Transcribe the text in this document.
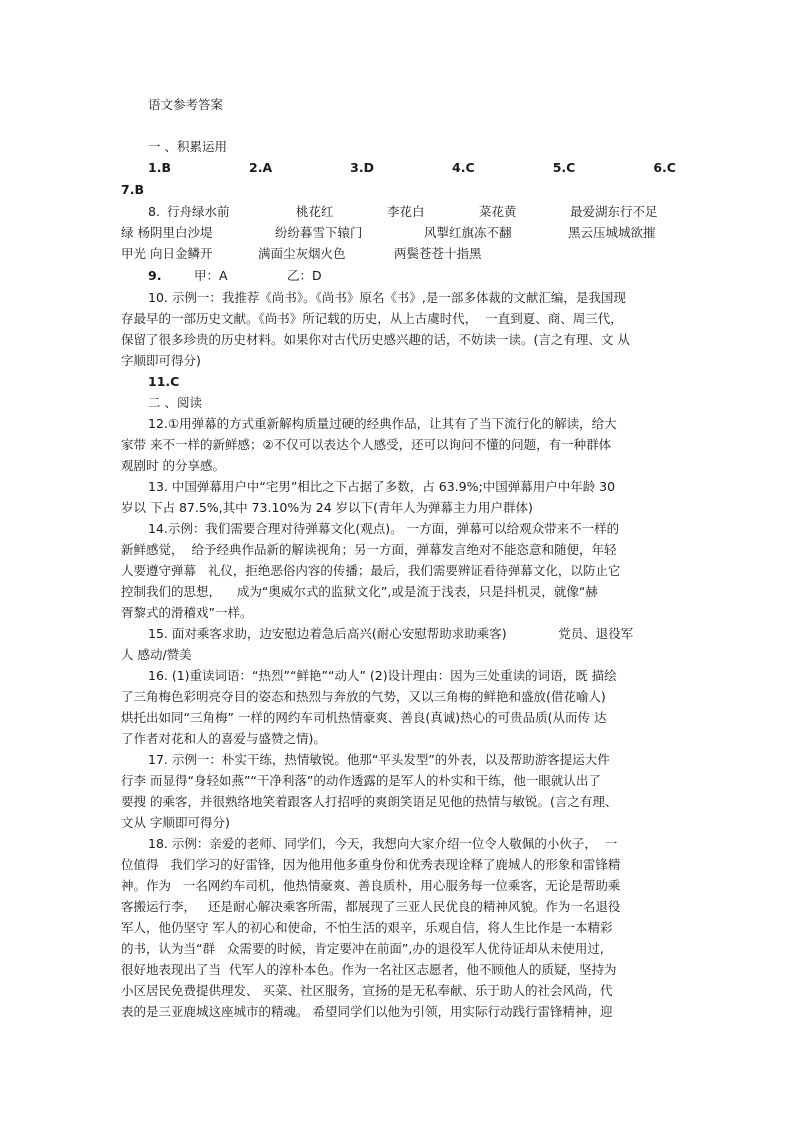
语文参考答案
一 、积累运用
1.B	2.A	3.D	4.C	5.C	6.C
7.B
8. 行舟绿水前	桃花红	李花白	菜花黄	最爱湖东行不足
绿 杨阴里白沙堤	纷纷暮雪下辕门	风掣红旗冻不翻	黑云压城城欲摧
甲光 向日金鳞开	满面尘灰烟火色	两鬓苍苍十指黑
9.	甲：A	乙：D
10. 示例一：我推荐《尚书》。《尚书》原名《书》,是一部多体裁的文献汇编，是我国现
存最早的一部历史文献。《尚书》所记载的历史，从上古虞时代，  一直到夏、商、周三代，
保留了很多珍贵的历史材料。如果你对古代历史感兴趣的话，不妨读一读。(言之有理、文 从
字顺即可得分)
11.C
二 、阅读
12.①用弹幕的方式重新解构质量过硬的经典作品，让其有了当下流行化的解读，给大
家带 来不一样的新鲜感；②不仅可以表达个人感受，还可以询问不懂的问题，有一种群体
观剧时 的分享感。
13. 中国弹幕用户中“宅男”相比之下占据了多数，占 63.9%;中国弹幕用户中年龄 30
岁以 下占 87.5%,其中 73.10%为 24 岁以下(青年人为弹幕主力用户群体)
14.示例：我们需要合理对待弹幕文化(观点)。 一方面，弹幕可以给观众带来不一样的
新鲜感觉，  给予经典作品新的解读视角；另一方面，弹幕发言绝对不能恣意和随便，年轻
人要遵守弹幕   礼仪，拒绝恶俗内容的传播；最后，我们需要辨证看待弹幕文化，以防止它
控制我们的思想，    成为“奥威尔式的监狱文化”,或是流于浅表，只是抖机灵，就像“赫
胥黎式的滑稽戏”一样。
15. 面对乘客求助，边安慰边着急后高兴(耐心安慰帮助求助乘客)             党员、退役军
人 感动/赞美
16. (1)重读词语：“热烈”“鲜艳”“动人” (2)设计理由：因为三处重读的词语，既 描绘
了三角梅色彩明亮夺目的姿态和热烈与奔放的气势，又以三角梅的鲜艳和盛放(借花喻人)
烘托出如同“三角梅” 一样的网约车司机热情豪爽、善良(真诚)热心的可贵品质(从而传 达
了作者对花和人的喜爱与盛赞之情)。
17. 示例一：朴实干练，热情敏锐。他那“平头发型”的外表，以及帮助游客提运大件
行李 而显得“身轻如燕”“干净利落”的动作透露的是军人的朴实和干练，他一眼就认出了
要搜 的乘客，并很熟络地笑着跟客人打招呼的爽朗笑语足见他的热情与敏锐。(言之有理、
文从 字顺即可得分)
18. 示例：亲爱的老师、同学们，今天，我想向大家介绍一位令人敬佩的小伙子，  一
位值得   我们学习的好雷锋，因为他用他多重身份和优秀表现诠释了鹿城人的形象和雷锋精
神。作为   一名网约车司机，他热情豪爽、善良质朴，用心服务每一位乘客，无论是帮助乘
客搬运行李，   还是耐心解决乘客所需，都展现了三亚人民优良的精神风貌。作为一名退役
军人，他仍坚守 军人的初心和使命，不怕生活的艰辛，乐观自信，将人生比作是一本精彩
的书，认为当“群   众需要的时候，肯定要冲在前面”,办的退役军人优待证却从未使用过,
很好地表现出了当  代军人的淳朴本色。作为一名社区志愿者，他不顾他人的质疑，坚持为
小区居民免费提供理发、 买菜、社区服务，宣扬的是无私奉献、乐于助人的社会风尚，代
表的是三亚鹿城这座城市的精魂。 希望同学们以他为引领，用实际行动践行雷锋精神，迎
